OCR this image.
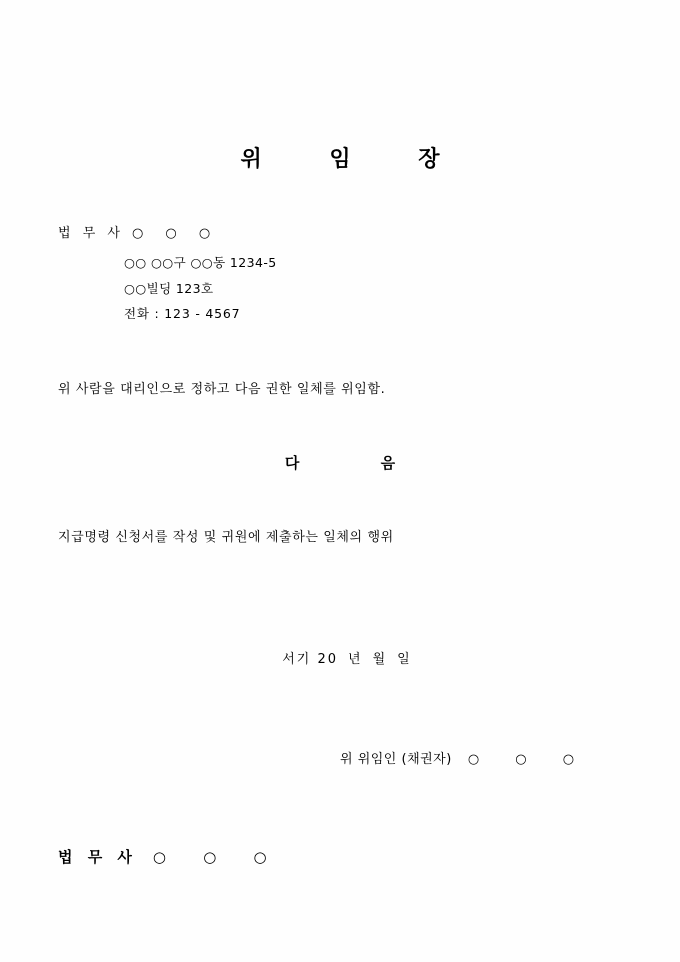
위 임 장
법 무 사 ○ ○ ○
○○ ○○구 ○○동 1234-5
○○빌딩 123호
전화 : 123 - 4567
위 사람을 대리인으로 정하고 다음 권한 일체를 위임함.
다 음
지급명령 신청서를 작성 및 귀원에 제출하는 일체의 행위
서기 20 년 월 일
위 위임인 (채권자) ○ ○ ○
법 무 사 ○ ○ ○
